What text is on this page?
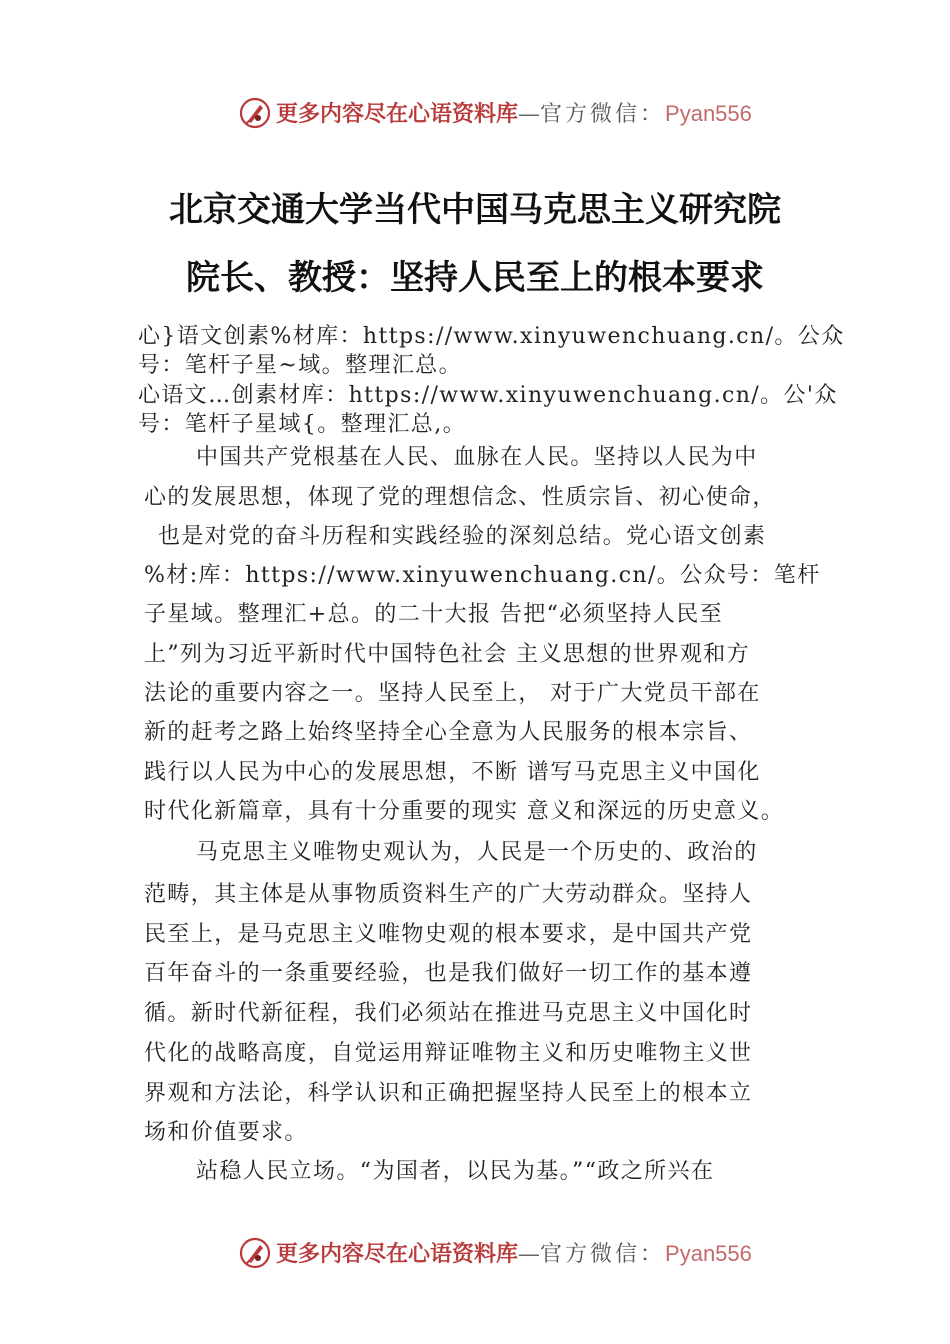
更多内容尽在心语资料库—官方微信：Pyan556
北京交通大学当代中国马克思主义研究院
院长、教授：坚持人民至上的根本要求
心}语文创素%材库：https://www.xinyuwenchuang.cn/。公众
号：笔杆子星~域。整理汇总。
心语文…创素材库：https://www.xinyuwenchuang.cn/。公'众
号：笔杆子星域{。整理汇总,。
中国共产党根基在人民、血脉在人民。坚持以人民为中
心的发展思想，体现了党的理想信念、性质宗旨、初心使命，
也是对党的奋斗历程和实践经验的深刻总结。党心语文创素
%材:库：https://www.xinyuwenchuang.cn/。公众号：笔杆
子星域。整理汇+总。的二十大报 告把“必须坚持人民至
上”列为习近平新时代中国特色社会 主义思想的世界观和方
法论的重要内容之一。坚持人民至上， 对于广大党员干部在
新的赶考之路上始终坚持全心全意为人民服务的根本宗旨、
践行以人民为中心的发展思想，不断 谱写马克思主义中国化
时代化新篇章，具有十分重要的现实 意义和深远的历史意义。
马克思主义唯物史观认为，人民是一个历史的、政治的
范畴，其主体是从事物质资料生产的广大劳动群众。坚持人
民至上，是马克思主义唯物史观的根本要求，是中国共产党
百年奋斗的一条重要经验，也是我们做好一切工作的基本遵
循。新时代新征程，我们必须站在推进马克思主义中国化时
代化的战略高度，自觉运用辩证唯物主义和历史唯物主义世
界观和方法论，科学认识和正确把握坚持人民至上的根本立
场和价值要求。
站稳人民立场。“为国者，以民为基。”“政之所兴在
更多内容尽在心语资料库—官方微信：Pyan556
